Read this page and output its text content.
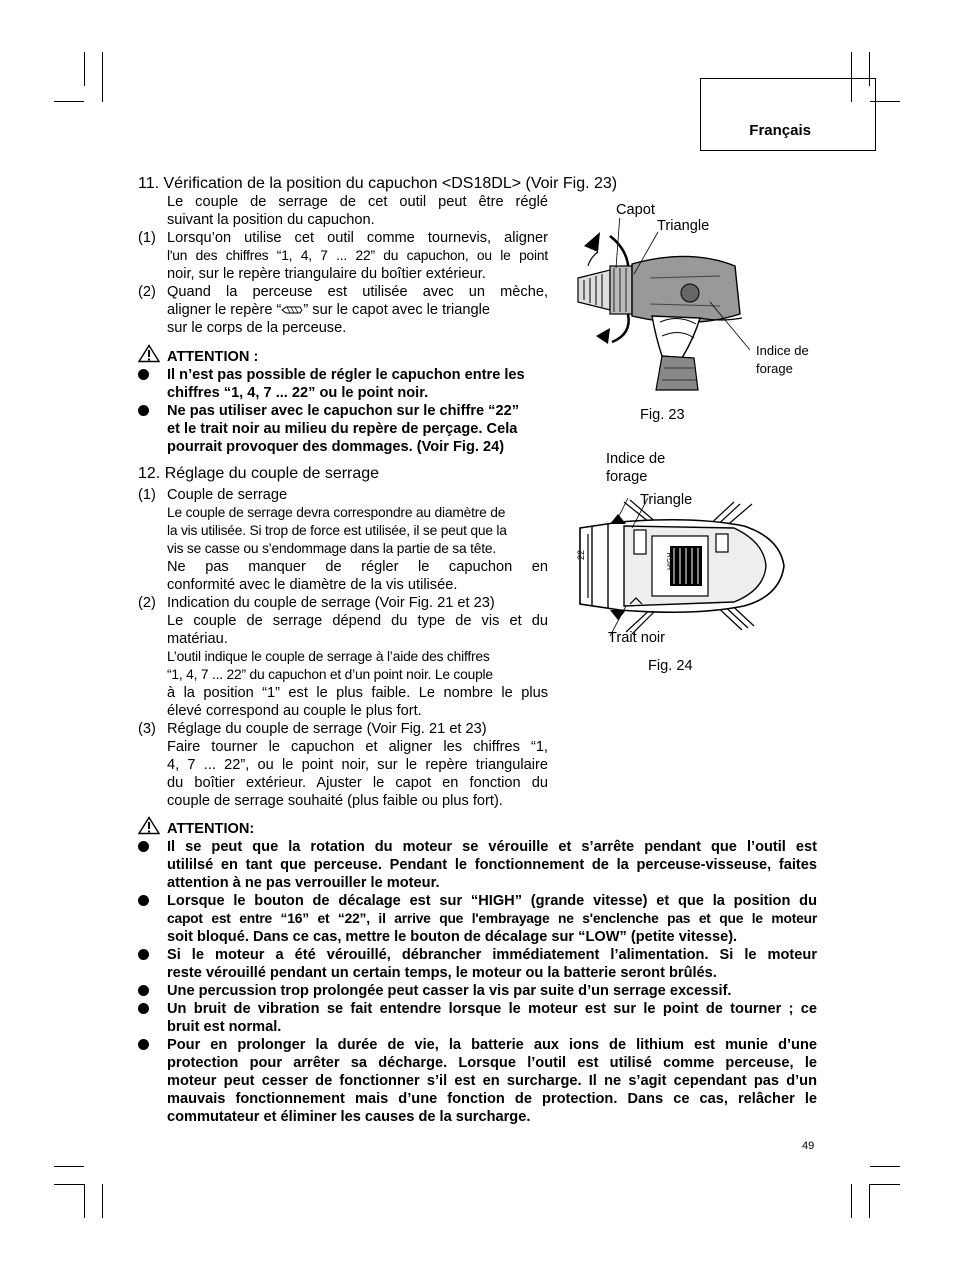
Français
11. Vérification de la position du capuchon <DS18DL> (Voir Fig. 23)
Le couple de serrage de cet outil peut être réglé
suivant la position du capuchon.
(1) Lorsqu’on utilise cet outil comme tournevis, aligner
l'un des chiffres “1, 4, 7 ... 22” du capuchon, ou le point
noir, sur le repère triangulaire du boîtier extérieur.
(2) Quand la perceuse est utilisée avec un mèche,
aligner le repère “ ” sur le capot avec le triangle
sur le corps de la perceuse.
ATTENTION :
Il n’est pas possible de régler le capuchon entre les
chiffres “1, 4, 7 ... 22” ou le point noir.
Ne pas utiliser avec le capuchon sur le chiffre “22”
et le trait noir au milieu du repère de perçage. Cela
pourrait provoquer des dommages. (Voir Fig. 24)
12. Réglage du couple de serrage
(1) Couple de serrage
Le couple de serrage devra correspondre au diamètre de
la vis utilisée. Si trop de force est utilisée, il se peut que la
vis se casse ou s’endommage dans la partie de sa tête.
Ne pas manquer de régler le capuchon en
conformité avec le diamètre de la vis utilisée.
(2) Indication du couple de serrage (Voir Fig. 21 et 23)
Le couple de serrage dépend du type de vis et du
matériau.
L’outil indique le couple de serrage à l’aide des chiffres
“1, 4, 7 ... 22” du capuchon et d’un point noir. Le couple
à la position “1” est le plus faible. Le nombre le plus
élevé correspond au couple le plus fort.
(3) Réglage du couple de serrage (Voir Fig. 21 et 23)
Faire tourner le capuchon et aligner les chiffres “1,
4, 7 ... 22”, ou le point noir, sur le repère triangulaire
du boîtier extérieur. Ajuster le capot en fonction du
couple de serrage souhaité (plus faible ou plus fort).
ATTENTION:
Il se peut que la rotation du moteur se vérouille et s’arrête pendant que l’outil est
utililsé en tant que perceuse. Pendant le fonctionnement de la perceuse-visseuse, faites
attention à ne pas verrouiller le moteur.
Lorsque le bouton de décalage est sur “HIGH” (grande vitesse) et que la position du
capot est entre “16” et “22”, il arrive que l'embrayage ne s'enclenche pas et que le moteur
soit bloqué. Dans ce cas, mettre le bouton de décalage sur “LOW” (petite vitesse).
Si le moteur a été vérouillé, débrancher immédiatement l’alimentation. Si le moteur
reste vérouillé pendant un certain temps, le moteur ou la batterie seront brûlés.
Une percussion trop prolongée peut casser la vis par suite d’un serrage excessif.
Un bruit de vibration se fait entendre lorsque le moteur est sur le point de tourner ; ce
bruit est normal.
Pour en prolonger la durée de vie, la batterie aux ions de lithium est munie d’une
protection pour arrêter sa décharge. Lorsque l’outil est utilisé comme perceuse, le
moteur peut cesser de fonctionner s’il est en surcharge. Il ne s’agit cependant pas d’un
mauvais fonctionnement mais d’une fonction de protection. Dans ce cas, relâcher le
commutateur et éliminer les causes de la surcharge.
Capot
Triangle
Indice de
forage
Fig. 23
Indice de
forage
Triangle
22	HIGH
Trait noir
Fig. 24
49
